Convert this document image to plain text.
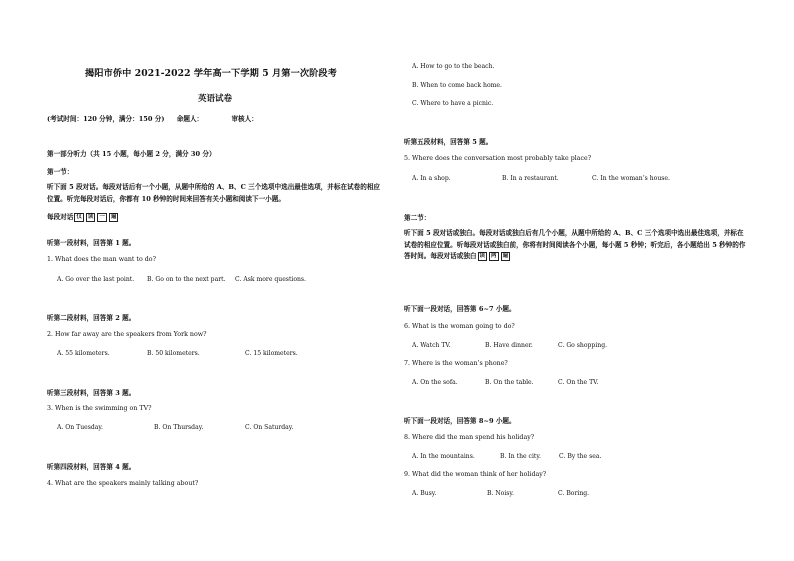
揭阳市侨中 2021-2022 学年高一下学期 5 月第一次阶段考
英语试卷
(考试时间：120 分钟，满分：150 分) 命题人：	审核人：
第一部分听力（共 15 小题，每小题 2 分，满分 30 分）
第一节：
听下面 5 段对话。每段对话后有一个小题，从题中所给的 A、B、C 三个选项中选出最佳选项，并标在试卷的相应位置。听完每段对话后，你都有 10 秒钟的时间来回答有关小题和阅读下一小题。
每段对话 仅 读 一 遍
听第一段材料，回答第 1 题。
1. What does the man want to do?
A. Go over the last point.	B. Go on to the next part.	C. Ask more questions.
听第二段材料，回答第 2 题。
2. How far away are the speakers from York now?
A. 55 kilometers.	B. 50 kilometers.	C. 15 kilometers.
听第三段材料，回答第 3 题。
3. When is the swimming on TV?
A. On Tuesday.	B. On Thursday.	C. On Saturday.
听第四段材料，回答第 4 题。
4. What are the speakers mainly talking about?
A. How to go to the beach.
B. When to come back home.
C. Where to have a picnic.
听第五段材料，回答第 5 题。
5. Where does the conversation most probably take place?
A. In a shop.	B. In a restaurant.	C. In the woman’s house.
第二节：
听下面 5 段对话或独白。每段对话或独白后有几个小题，从题中所给的 A、B、C 三个选项中选出最佳选项，并标在试卷的相应位置。听每段对话或独白前，你将有时间阅读各个小题，每小题 5 秒钟；听完后，各小题给出 5 秒钟的作答时间。每段对话或独白 读 两 遍
听下面一段对话，回答第 6~7 小题。
6. What is the woman going to do?
A. Watch TV.	B. Have dinner.	C. Go shopping.
7. Where is the woman’s phone?
A. On the sofa.	B. On the table.	C. On the TV.
听下面一段对话，回答第 8~9 小题。
8. Where did the man spend his holiday?
A. In the mountains.	B. In the city.	C. By the sea.
9. What did the woman think of her holiday?
A. Busy.	B. Noisy.	C. Boring.
